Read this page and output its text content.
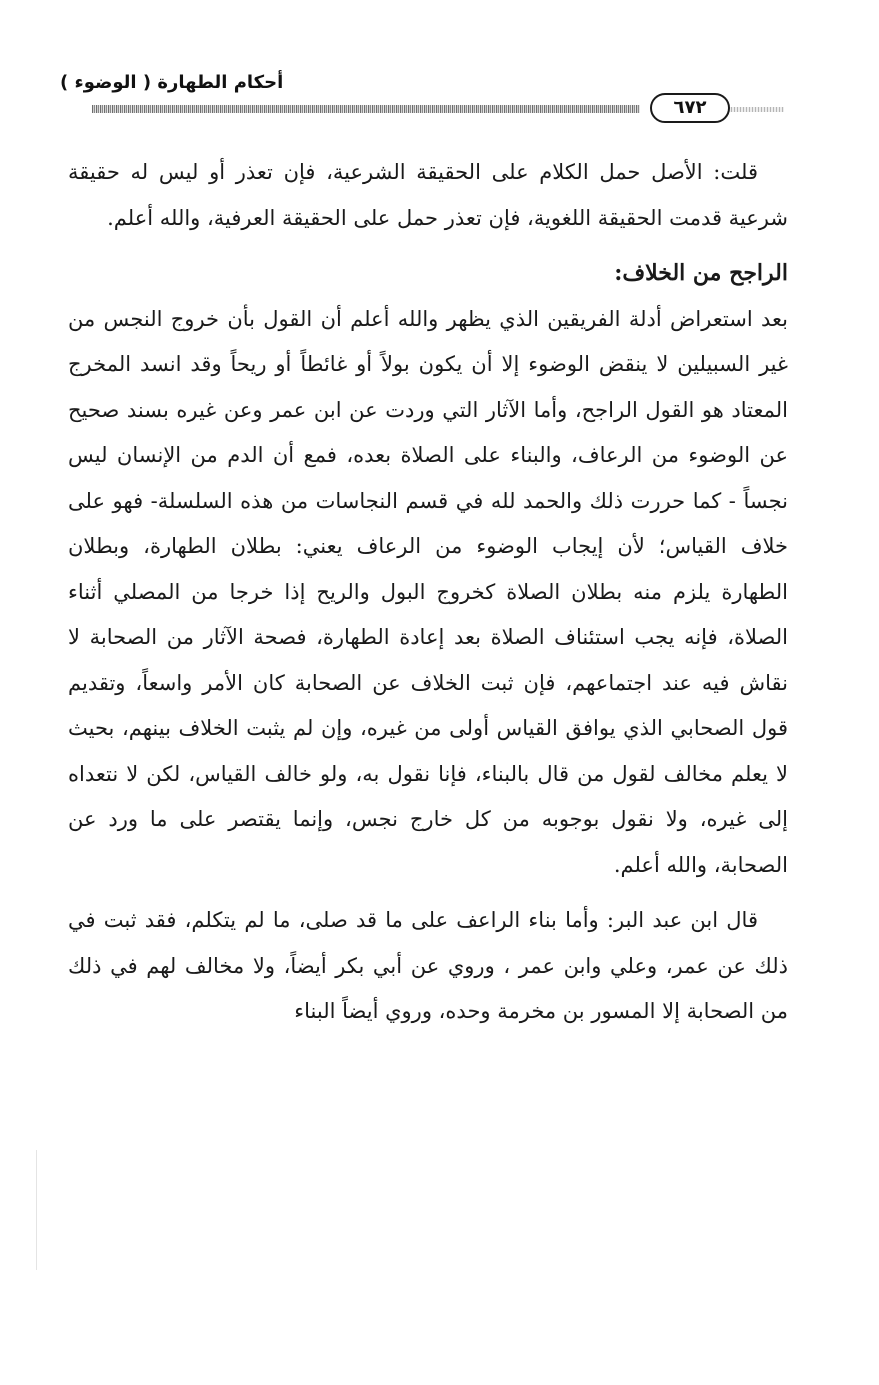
أحكام الطهارة ( الوضوء )
٦٧٢

قلت: الأصل حمل الكلام على الحقيقة الشرعية، فإن تعذر أو ليس له حقيقة شرعية قدمت الحقيقة اللغوية، فإن تعذر حمل على الحقيقة العرفية، والله أعلم.

الراجح من الخلاف:

بعد استعراض أدلة الفريقين الذي يظهر والله أعلم أن القول بأن خروج النجس من غير السبيلين لا ينقض الوضوء إلا أن يكون بولاً أو غائطاً أو ريحاً وقد انسد المخرج المعتاد هو القول الراجح، وأما الآثار التي وردت عن ابن عمر وعن غيره بسند صحيح عن الوضوء من الرعاف، والبناء على الصلاة بعده، فمع أن الدم من الإنسان ليس نجساً - كما حررت ذلك والحمد لله في قسم النجاسات من هذه السلسلة- فهو على خلاف القياس؛ لأن إيجاب الوضوء من الرعاف يعني: بطلان الطهارة، وبطلان الطهارة يلزم منه بطلان الصلاة كخروج البول والريح إذا خرجا من المصلي أثناء الصلاة، فإنه يجب استئناف الصلاة بعد إعادة الطهارة، فصحة الآثار من الصحابة لا نقاش فيه عند اجتماعهم، فإن ثبت الخلاف عن الصحابة كان الأمر واسعاً، وتقديم قول الصحابي الذي يوافق القياس أولى من غيره، وإن لم يثبت الخلاف بينهم، بحيث لا يعلم مخالف لقول من قال بالبناء، فإنا نقول به، ولو خالف القياس، لكن لا نتعداه إلى غيره، ولا نقول بوجوبه من كل خارج نجس، وإنما يقتصر على ما ورد عن الصحابة، والله أعلم.

قال ابن عبد البر: وأما بناء الراعف على ما قد صلى، ما لم يتكلم، فقد ثبت في ذلك عن عمر، وعلي وابن عمر ، وروي عن أبي بكر أيضاً، ولا مخالف لهم في ذلك من الصحابة إلا المسور بن مخرمة وحده، وروي أيضاً البناء
